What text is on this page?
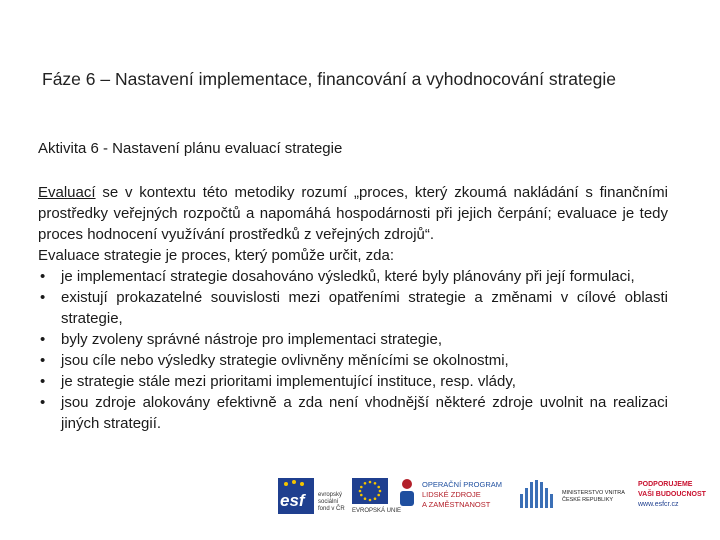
Fáze 6 – Nastavení implementace, financování a vyhodnocování strategie
Aktivita 6 - Nastavení plánu evaluací strategie
Evaluací se v kontextu této metodiky rozumí „proces, který zkoumá nakládání s finančními prostředky veřejných rozpočtů a napomáhá hospodárnosti při jejich čerpání; evaluace je tedy proces hodnocení využívání prostředků z veřejných zdrojů“.
Evaluace strategie je proces, který pomůže určit, zda:
• je implementací strategie dosahováno výsledků, které byly plánovány při její formulaci,
• existují prokazatelné souvislosti mezi opatřeními strategie a změnami v cílové oblasti strategie,
• byly zvoleny správné nástroje pro implementaci strategie,
• jsou cíle nebo výsledky strategie ovlivněny měnícími se okolnostmi,
• je strategie stále mezi prioritami implementující instituce, resp. vlády,
• jsou zdroje alokovány efektivně a zda není vhodnější některé zdroje uvolnit na realizaci jiných strategií.
esf evropský sociální fond v ČR	EVROPSKÁ UNIE
OPERAČNÍ PROGRAM
LIDSKÉ ZDROJE
A ZAMĚSTNANOST
MINISTERSTVO VNITRA
ČESKÉ REPUBLIKY
PODPORUJEME
VAŠI BUDOUCNOST
www.esfcr.cz
